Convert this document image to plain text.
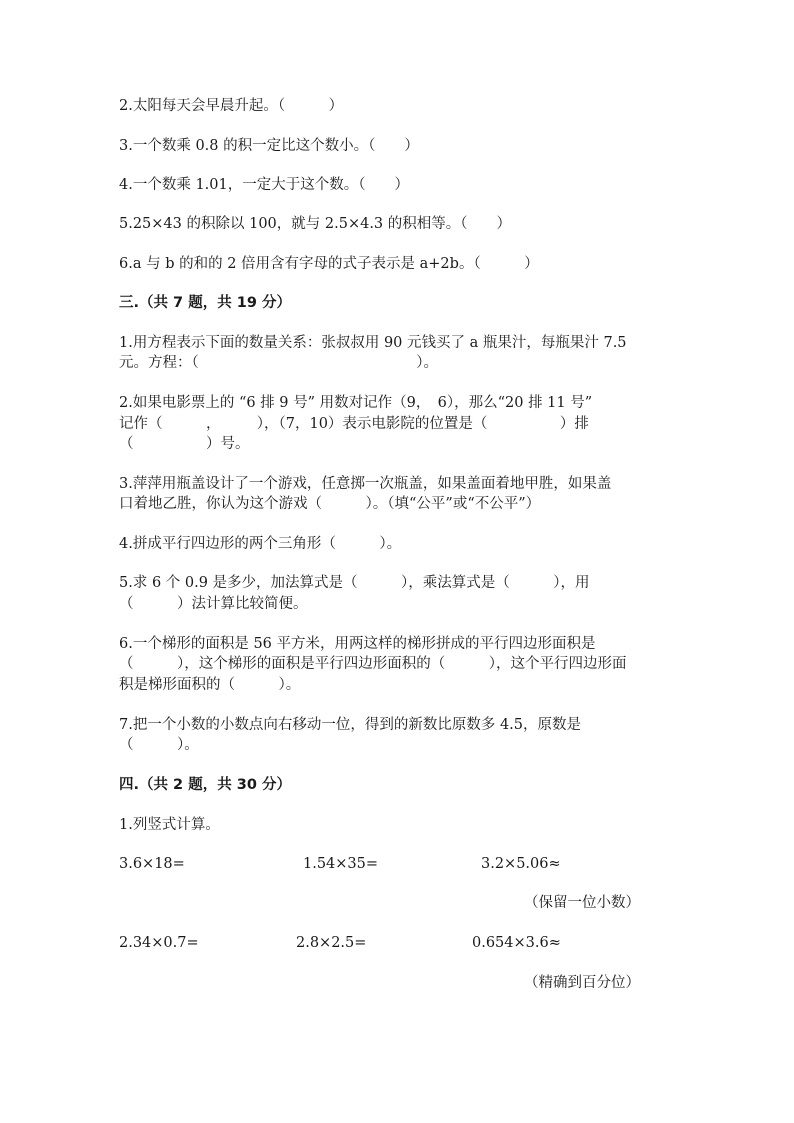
2.太阳每天会早晨升起。（　　　）
3.一个数乘 0.8 的积一定比这个数小。（　　）
4.一个数乘 1.01，一定大于这个数。（　　）
5.25×43 的积除以 100，就与 2.5×4.3 的积相等。（　　）
6.a 与 b 的和的 2 倍用含有字母的式子表示是 a+2b。（　　　）
三.（共 7 题，共 19 分）
1.用方程表示下面的数量关系：张叔叔用 90 元钱买了 a 瓶果汁，每瓶果汁 7.5
元。方程：（　　　　　　　　　　　　　　　）。
2.如果电影票上的 “6 排 9 号” 用数对记作（9，　6），那么“20 排 11 号”
记作（　　　，　　　），（7，10）表示电影院的位置是（　　　　　）排
（　　　　　）号。
3.萍萍用瓶盖设计了一个游戏，任意掷一次瓶盖，如果盖面着地甲胜，如果盖
口着地乙胜，你认为这个游戏（　　　）。（填“公平”或“不公平”）
4.拼成平行四边形的两个三角形（　　　）。
5.求 6 个 0.9 是多少，加法算式是（　　　），乘法算式是（　　　），用
（　　　）法计算比较简便。
6.一个梯形的面积是 56 平方米，用两这样的梯形拼成的平行四边形面积是
（　　　），这个梯形的面积是平行四边形面积的（　　　），这个平行四边形面
积是梯形面积的（　　　）。
7.把一个小数的小数点向右移动一位，得到的新数比原数多 4.5，原数是
（　　　）。
四.（共 2 题，共 30 分）
1.列竖式计算。
3.6×18=	1.54×35=	3.2×5.06≈
（保留一位小数）
2.34×0.7=	2.8×2.5=	0.654×3.6≈
（精确到百分位）
